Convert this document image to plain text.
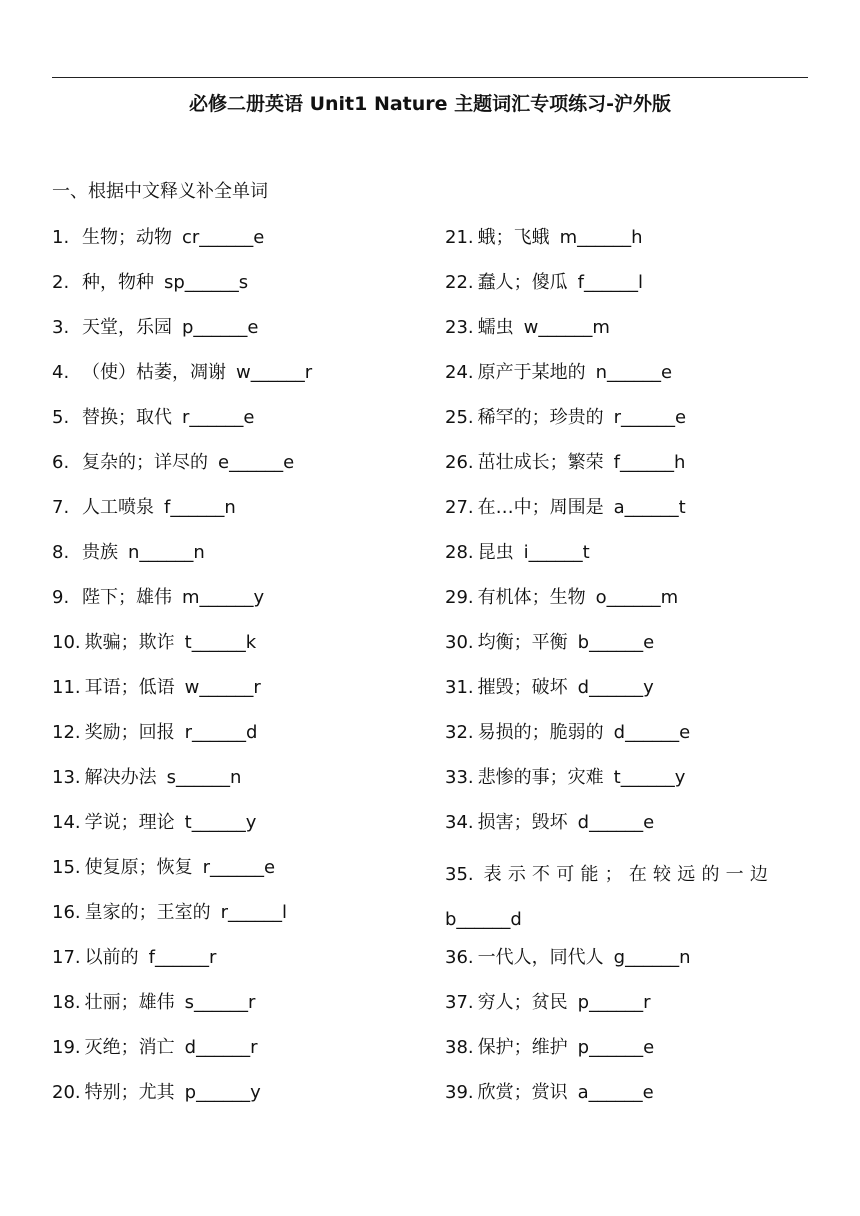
必修二册英语 Unit1 Nature 主题词汇专项练习-沪外版
一、根据中文释义补全单词
1. 生物；动物 cr______e
2. 种，物种 sp______s
3. 天堂，乐园 p______e
4. （使）枯萎，凋谢 w______r
5. 替换；取代 r______e
6. 复杂的；详尽的 e______e
7. 人工喷泉 f______n
8. 贵族 n______n
9. 陛下；雄伟 m______y
10. 欺骗；欺诈 t______k
11. 耳语；低语 w______r
12. 奖励；回报 r______d
13. 解决办法 s______n
14. 学说；理论 t______y
15. 使复原；恢复 r______e
16. 皇家的；王室的 r______l
17. 以前的 f______r
18. 壮丽；雄伟 s______r
19. 灭绝；消亡 d______r
20. 特别；尤其 p______y
21. 蛾；飞蛾 m______h
22. 蠢人；傻瓜 f______l
23. 蠕虫 w______m
24. 原产于某地的 n______e
25. 稀罕的；珍贵的 r______e
26. 茁壮成长；繁荣 f______h
27. 在…中；周围是 a______t
28. 昆虫 i______t
29. 有机体；生物 o______m
30. 均衡；平衡 b______e
31. 摧毁；破坏 d______y
32. 易损的；脆弱的 d______e
33. 悲惨的事；灾难 t______y
34. 损害；毁坏 d______e
35. 表示不可能；在较远的一边
b______d
36. 一代人，同代人 g______n
37. 穷人；贫民 p______r
38. 保护；维护 p______e
39. 欣赏；赏识 a______e
